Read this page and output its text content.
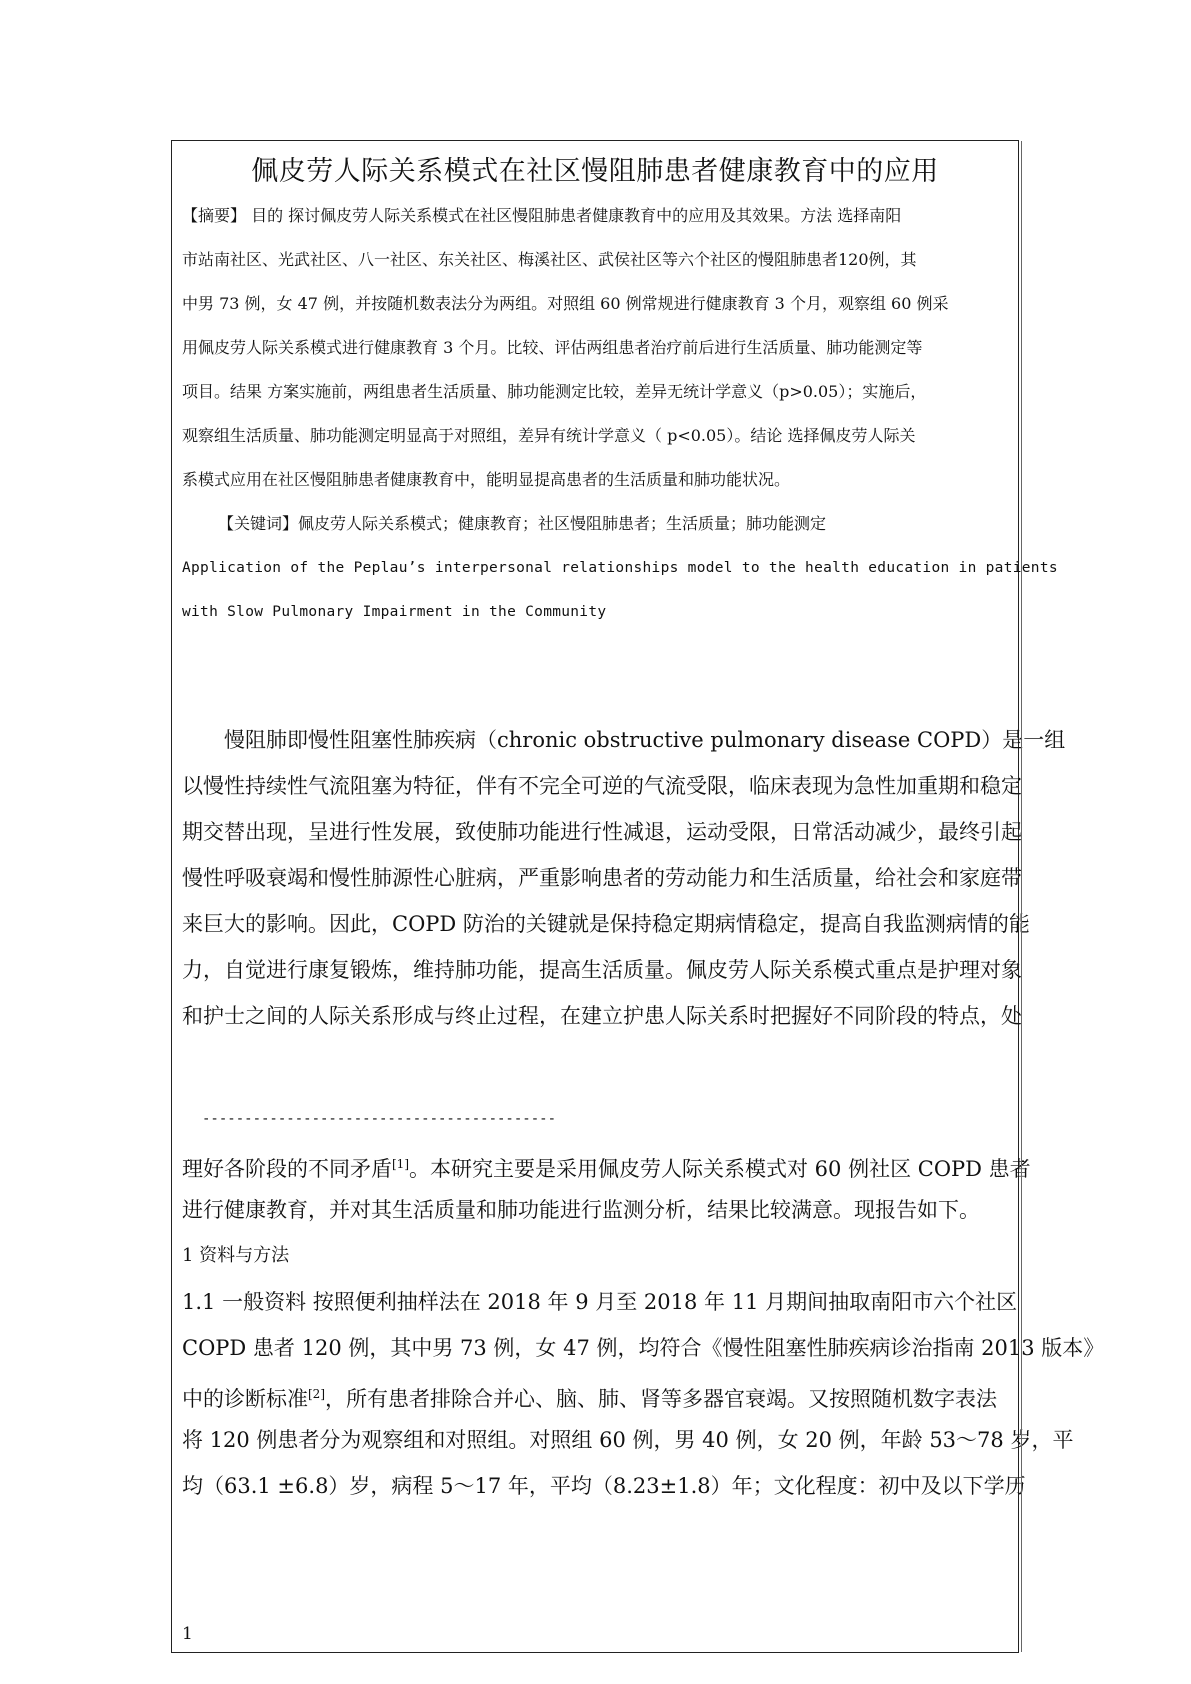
佩皮劳人际关系模式在社区慢阻肺患者健康教育中的应用
【摘要】 目的 探讨佩皮劳人际关系模式在社区慢阻肺患者健康教育中的应用及其效果。方法 选择南阳
市站南社区、光武社区、八一社区、东关社区、梅溪社区、武侯社区等六个社区的慢阻肺患者120例，其
中男 73 例，女 47 例，并按随机数表法分为两组。对照组 60 例常规进行健康教育 3 个月，观察组 60 例采
用佩皮劳人际关系模式进行健康教育 3 个月。比较、评估两组患者治疗前后进行生活质量、肺功能测定等
项目。结果 方案实施前，两组患者生活质量、肺功能测定比较，差异无统计学意义（p>0.05）；实施后，
观察组生活质量、肺功能测定明显高于对照组，差异有统计学意义（ p<0.05）。结论 选择佩皮劳人际关
系模式应用在社区慢阻肺患者健康教育中，能明显提高患者的生活质量和肺功能状况。
【关键词】佩皮劳人际关系模式；健康教育；社区慢阻肺患者；生活质量；肺功能测定
Application of the Peplau’s interpersonal relationships model to the health education in patients
with Slow Pulmonary Impairment in the Community
慢阻肺即慢性阻塞性肺疾病（chronic obstructive pulmonary disease COPD）是一组
以慢性持续性气流阻塞为特征，伴有不完全可逆的气流受限，临床表现为急性加重期和稳定
期交替出现，呈进行性发展，致使肺功能进行性减退，运动受限，日常活动减少，最终引起
慢性呼吸衰竭和慢性肺源性心脏病，严重影响患者的劳动能力和生活质量，给社会和家庭带
来巨大的影响。因此，COPD 防治的关键就是保持稳定期病情稳定，提高自我监测病情的能
力，自觉进行康复锻炼，维持肺功能，提高生活质量。佩皮劳人际关系模式重点是护理对象
和护士之间的人际关系形成与终止过程，在建立护患人际关系时把握好不同阶段的特点，处
------------------------------------------
理好各阶段的不同矛盾[1]。本研究主要是采用佩皮劳人际关系模式对 60 例社区 COPD 患者
进行健康教育，并对其生活质量和肺功能进行监测分析，结果比较满意。现报告如下。
1 资料与方法
1.1 一般资料 按照便利抽样法在 2018 年 9 月至 2018 年 11 月期间抽取南阳市六个社区
COPD 患者 120 例，其中男 73 例，女 47 例，均符合《慢性阻塞性肺疾病诊治指南 2013 版本》
中的诊断标准[2]，所有患者排除合并心、脑、肺、肾等多器官衰竭。又按照随机数字表法
将 120 例患者分为观察组和对照组。对照组 60 例，男 40 例，女 20 例，年龄 53～78 岁，平
均（63.1 ±6.8）岁，病程 5～17 年，平均（8.23±1.8）年；文化程度：初中及以下学历
1
